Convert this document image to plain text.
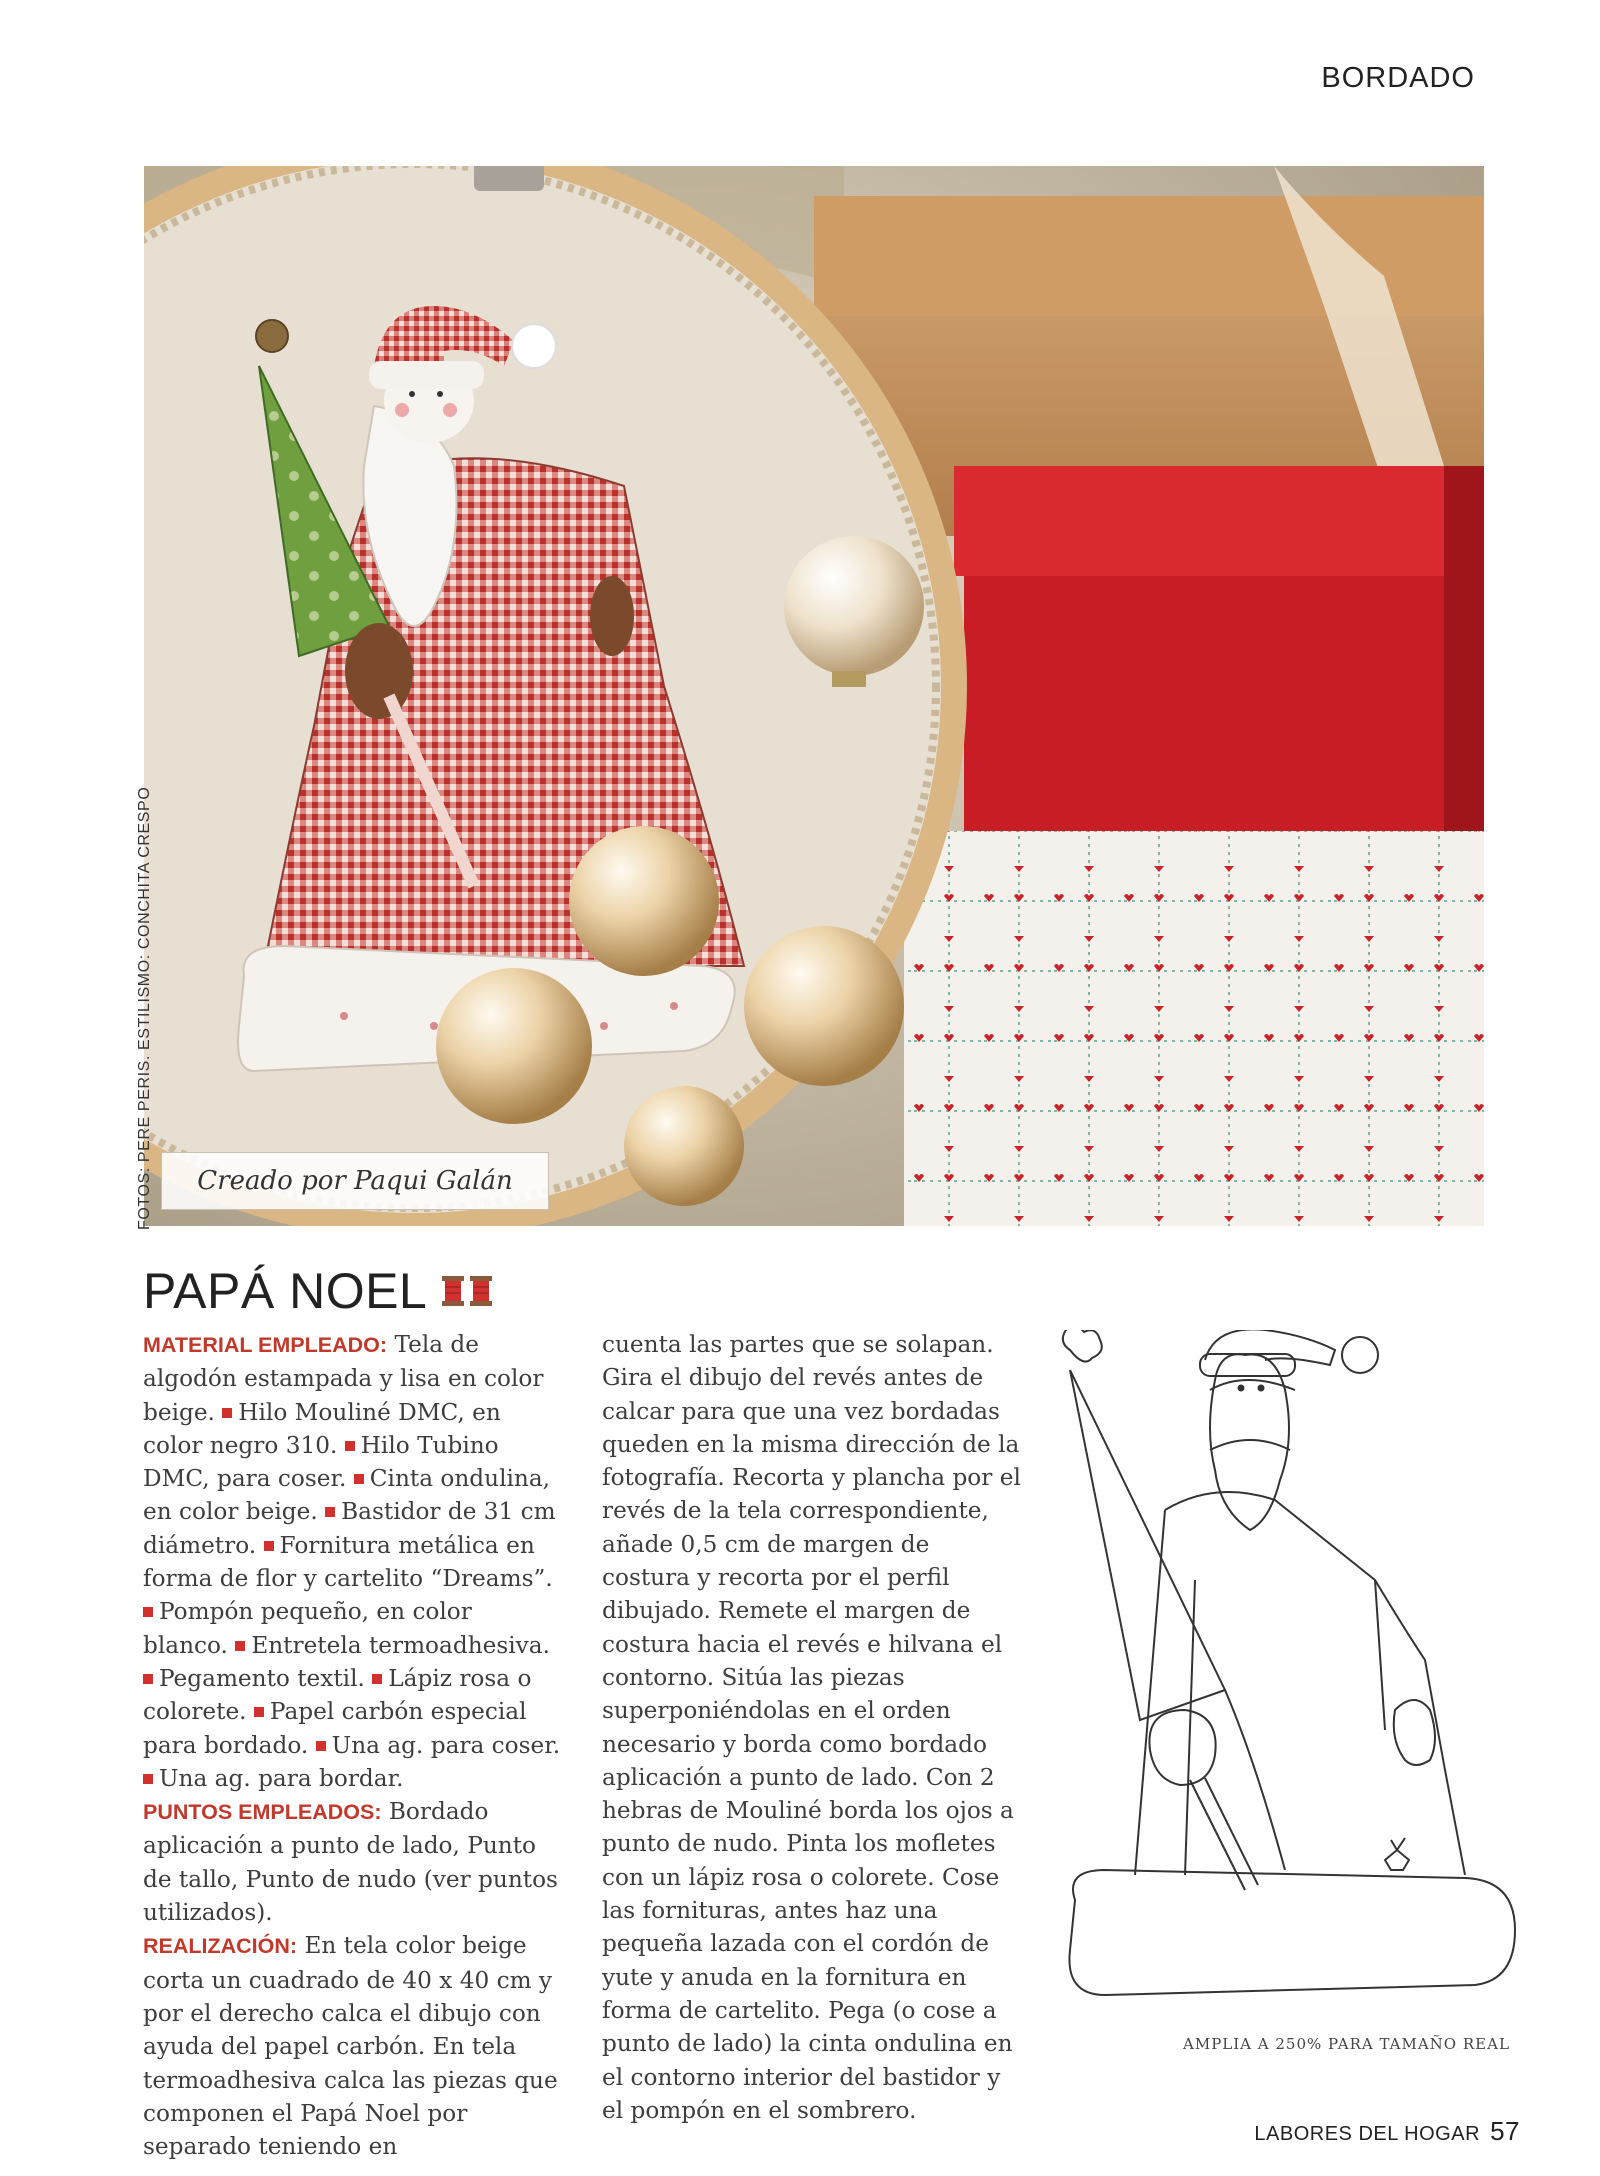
BORDADO
FOTOS: PERE PERIS. ESTILISMO: CONCHITA CRESPO	Creado por Paqui Galán
PAPÁ NOEL

MATERIAL EMPLEADO: Tela de algodón estampada y lisa en color beige. Hilo Mouliné DMC, en color negro 310. Hilo Tubino DMC, para coser. Cinta ondulina, en color beige. Bastidor de 31 cm diámetro. Fornitura metálica en forma de flor y cartelito “Dreams”. Pompón pequeño, en color blanco. Entretela termoadhesiva. Pegamento textil. Lápiz rosa o colorete. Papel carbón especial para bordado. Una ag. para coser. Una ag. para bordar.

PUNTOS EMPLEADOS: Bordado aplicación a punto de lado, Punto de tallo, Punto de nudo (ver puntos utilizados).

REALIZACIÓN: En tela color beige corta un cuadrado de 40 x 40 cm y por el derecho calca el dibujo con ayuda del papel carbón. En tela termoadhesiva calca las piezas que componen el Papá Noel por separado teniendo en

cuenta las partes que se solapan. Gira el dibujo del revés antes de calcar para que una vez bordadas queden en la misma dirección de la fotografía. Recorta y plancha por el revés de la tela correspondiente, añade 0,5 cm de margen de costura y recorta por el perfil dibujado. Remete el margen de costura hacia el revés e hilvana el contorno. Sitúa las piezas superponiéndolas en el orden necesario y borda como bordado aplicación a punto de lado. Con 2 hebras de Mouliné borda los ojos a punto de nudo. Pinta los mofletes con un lápiz rosa o colorete. Cose las fornituras, antes haz una pequeña lazada con el cordón de yute y anuda en la fornitura en forma de cartelito. Pega (o cose a punto de lado) la cinta ondulina en el contorno interior del bastidor y el pompón en el sombrero.

AMPLIA A 250% PARA TAMAÑO REAL
LABORES DEL HOGAR 57
